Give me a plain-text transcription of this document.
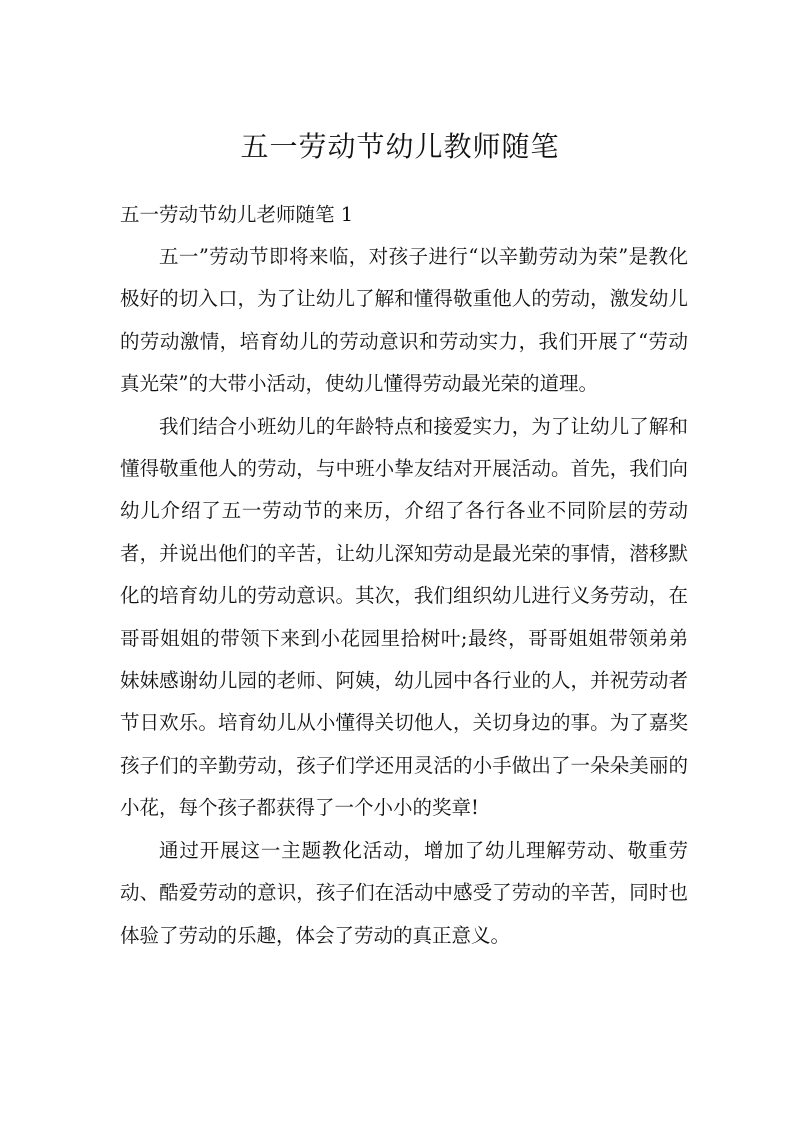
五一劳动节幼儿教师随笔
五一劳动节幼儿老师随笔 1

五一”劳动节即将来临，对孩子进行“以辛勤劳动为荣”是教化极好的切入口，为了让幼儿了解和懂得敬重他人的劳动，激发幼儿的劳动激情，培育幼儿的劳动意识和劳动实力，我们开展了“劳动真光荣”的大带小活动，使幼儿懂得劳动最光荣的道理。

我们结合小班幼儿的年龄特点和接爱实力，为了让幼儿了解和懂得敬重他人的劳动，与中班小挚友结对开展活动。首先，我们向幼儿介绍了五一劳动节的来历，介绍了各行各业不同阶层的劳动者，并说出他们的辛苦，让幼儿深知劳动是最光荣的事情，潜移默化的培育幼儿的劳动意识。其次，我们组织幼儿进行义务劳动，在哥哥姐姐的带领下来到小花园里拾树叶;最终，哥哥姐姐带领弟弟妹妹感谢幼儿园的老师、阿姨，幼儿园中各行业的人，并祝劳动者节日欢乐。培育幼儿从小懂得关切他人，关切身边的事。为了嘉奖孩子们的辛勤劳动，孩子们学还用灵活的小手做出了一朵朵美丽的小花，每个孩子都获得了一个小小的奖章!

通过开展这一主题教化活动，增加了幼儿理解劳动、敬重劳动、酷爱劳动的意识，孩子们在活动中感受了劳动的辛苦，同时也体验了劳动的乐趣，体会了劳动的真正意义。
